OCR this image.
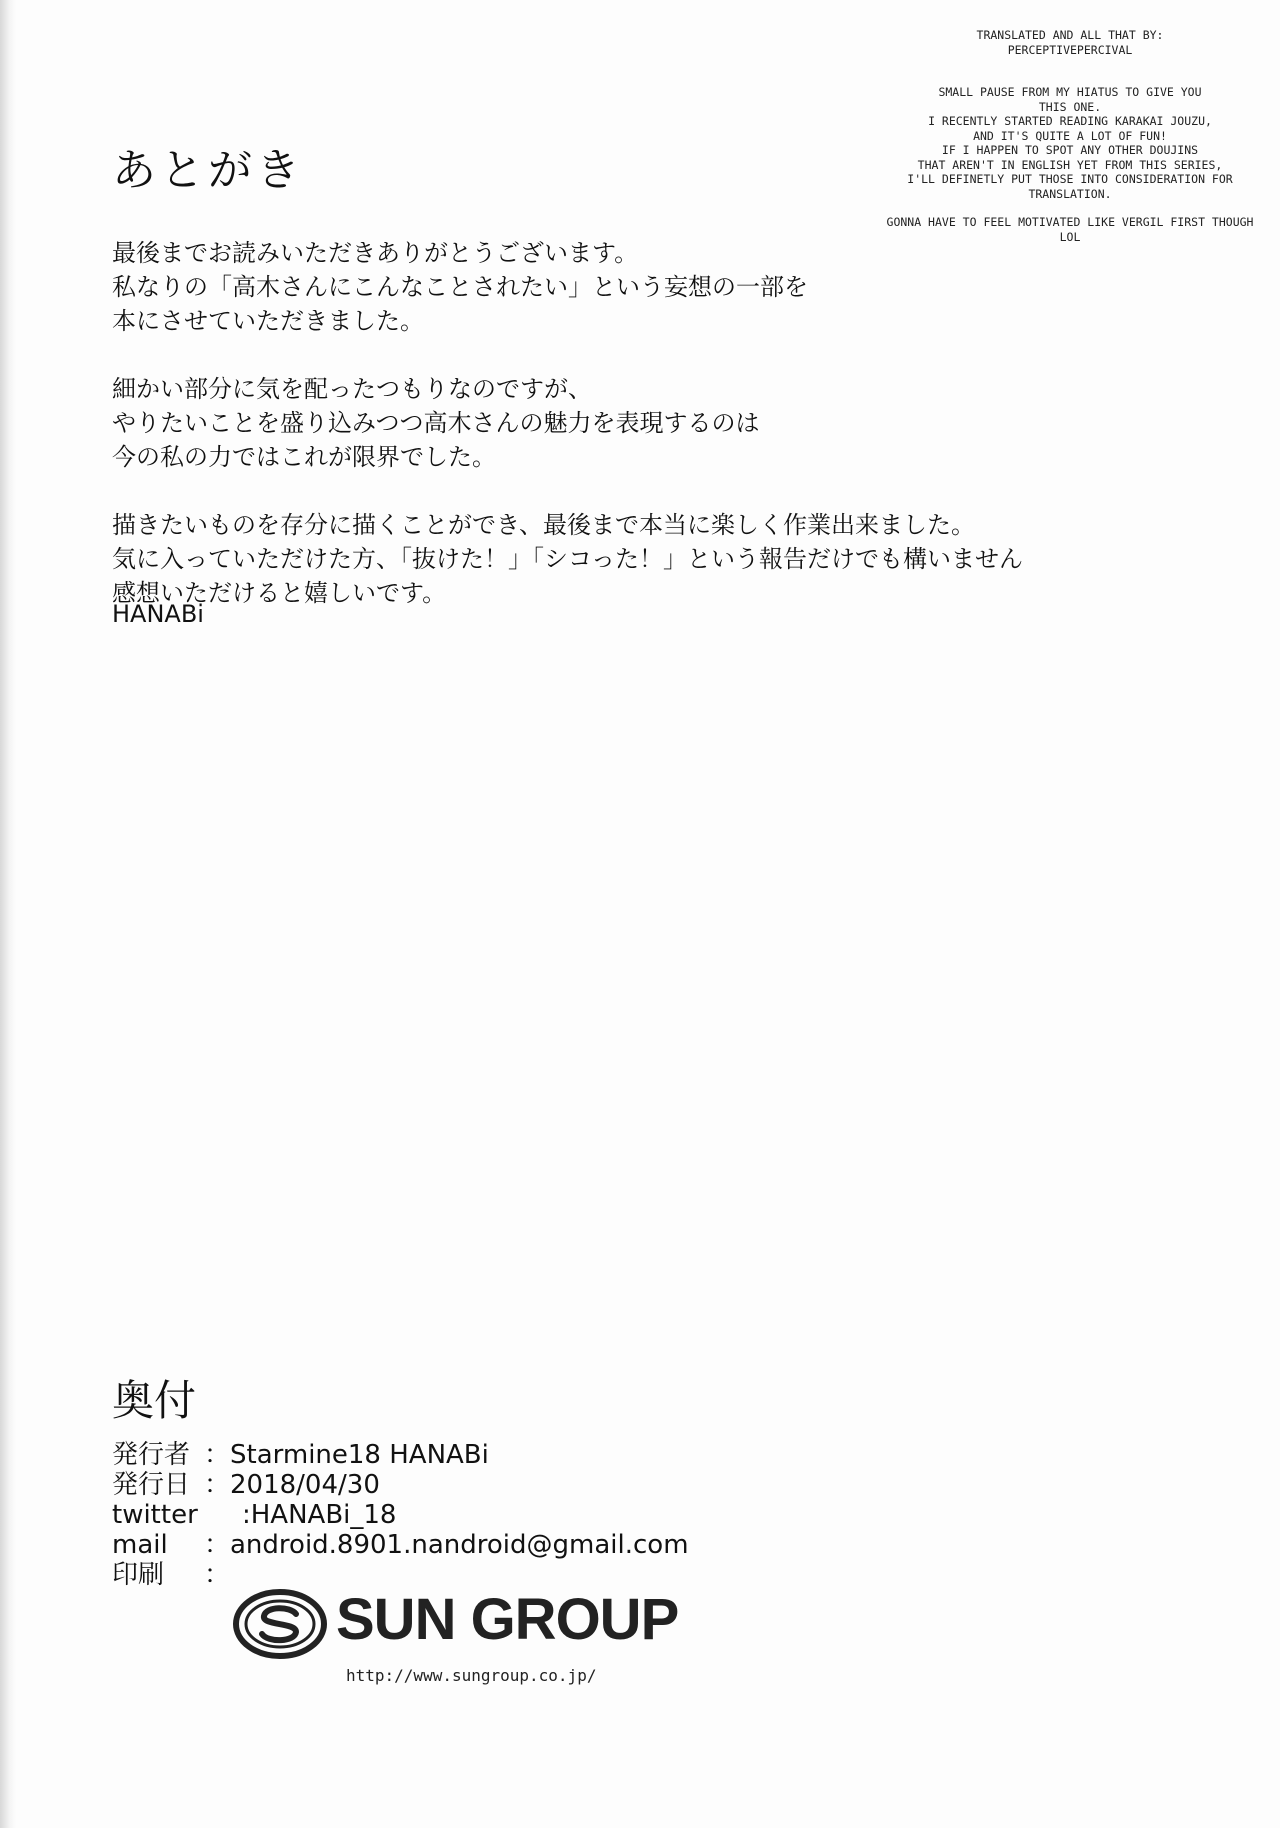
TRANSLATED AND ALL THAT BY:
PERCEPTIVEPERCIVAL

SMALL PAUSE FROM MY HIATUS TO GIVE YOU
THIS ONE.
I RECENTLY STARTED READING KARAKAI JOUZU,
AND IT'S QUITE A LOT OF FUN!
IF I HAPPEN TO SPOT ANY OTHER DOUJINS
THAT AREN'T IN ENGLISH YET FROM THIS SERIES,
I'LL DEFINETLY PUT THOSE INTO CONSIDERATION FOR
TRANSLATION.
GONNA HAVE TO FEEL MOTIVATED LIKE VERGIL FIRST THOUGH
LOL
あとがき
最後までお読みいただきありがとうございます。
私なりの「高木さんにこんなことされたい」という妄想の一部を
本にさせていただきました。
細かい部分に気を配ったつもりなのですが、
やりたいことを盛り込みつつ高木さんの魅力を表現するのは
今の私の力ではこれが限界でした。
描きたいものを存分に描くことができ、最後まで本当に楽しく作業出来ました。
気に入っていただけた方、「抜けた！」「シコった！」という報告だけでも構いません
感想いただけると嬉しいです。
HANABi
奥付
発行者 ：Starmine18 HANABi
発行日 ：2018/04/30
twitter	:HANABi_18
mail	：android.8901.nandroid@gmail.com
印刷	：
SUN GROUP
http://www.sungroup.co.jp/
